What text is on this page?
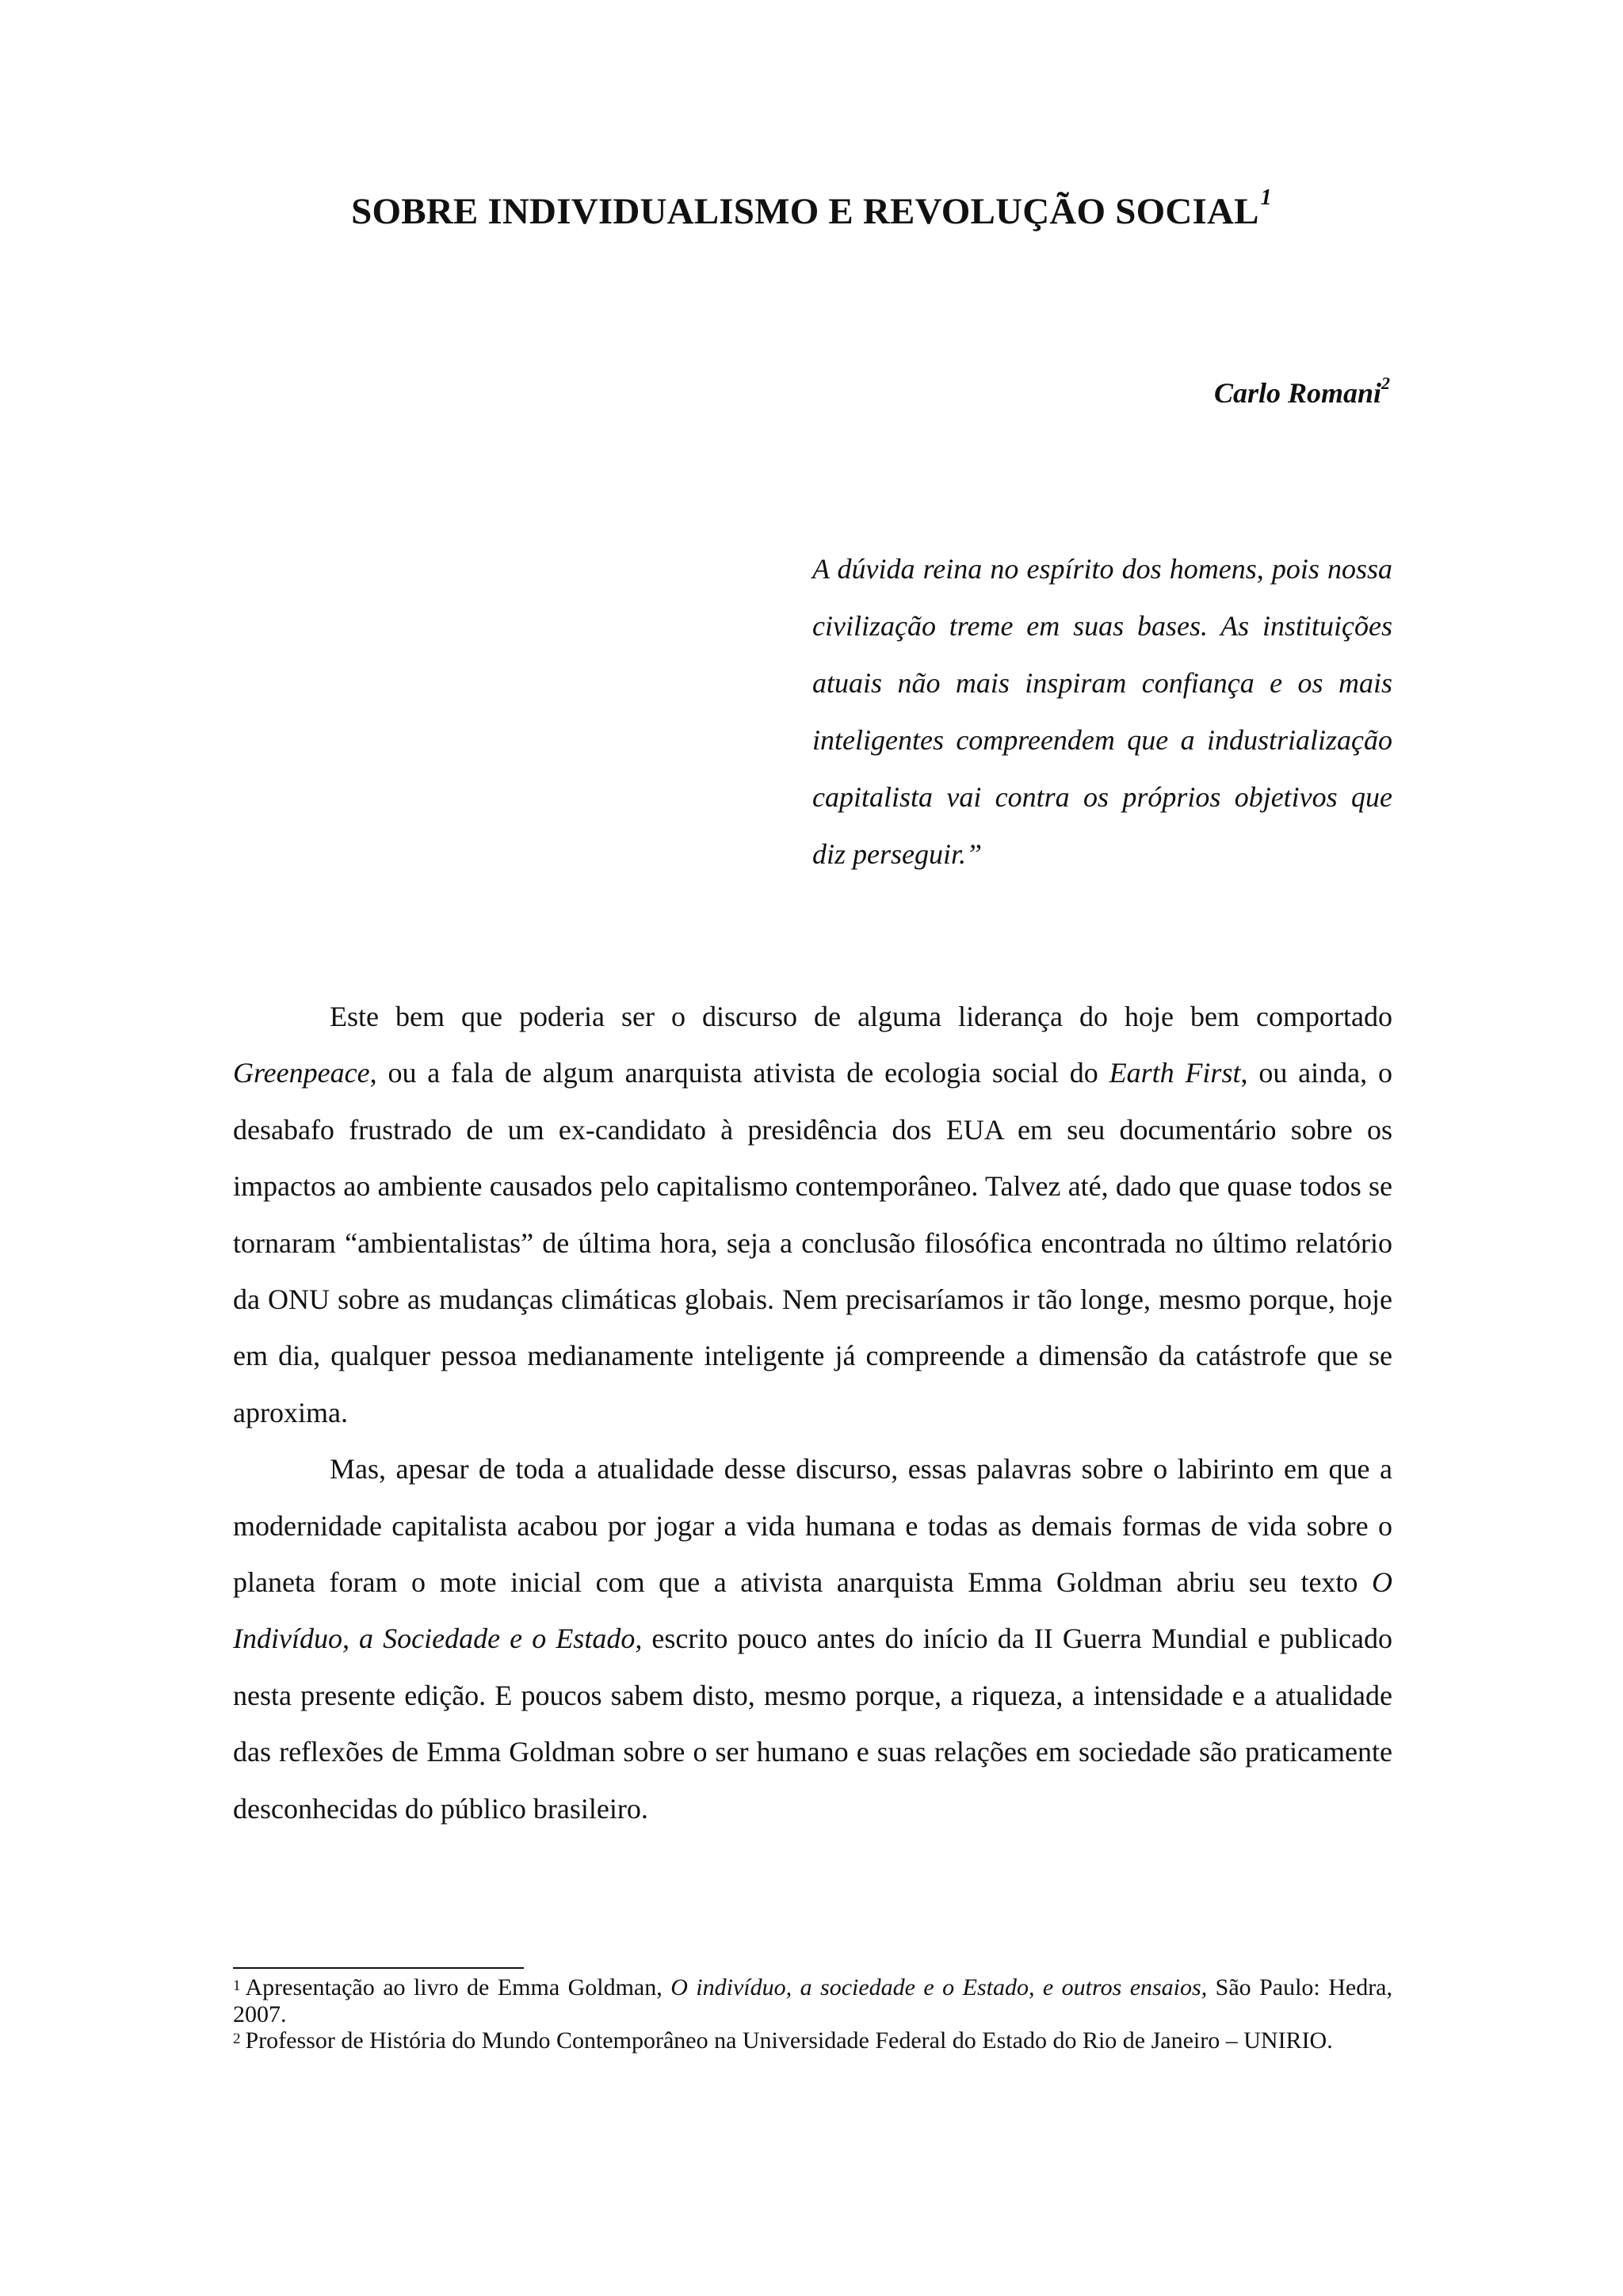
SOBRE INDIVIDUALISMO E REVOLUÇÃO SOCIAL$^1$

Carlo Romani$^2$

A dúvida reina no espírito dos homens, pois nossa civilização treme em suas bases. As instituições atuais não mais inspiram confiança e os mais inteligentes compreendem que a industrialização capitalista vai contra os próprios objetivos que diz perseguir.”

Este bem que poderia ser o discurso de alguma liderança do hoje bem comportado Greenpeace, ou a fala de algum anarquista ativista de ecologia social do Earth First, ou ainda, o desabafo frustrado de um ex-candidato à presidência dos EUA em seu documentário sobre os impactos ao ambiente causados pelo capitalismo contemporâneo. Talvez até, dado que quase todos se tornaram “ambientalistas” de última hora, seja a conclusão filosófica encontrada no último relatório da ONU sobre as mudanças climáticas globais. Nem precisaríamos ir tão longe, mesmo porque, hoje em dia, qualquer pessoa medianamente inteligente já compreende a dimensão da catástrofe que se aproxima.

Mas, apesar de toda a atualidade desse discurso, essas palavras sobre o labirinto em que a modernidade capitalista acabou por jogar a vida humana e todas as demais formas de vida sobre o planeta foram o mote inicial com que a ativista anarquista Emma Goldman abriu seu texto O Indivíduo, a Sociedade e o Estado, escrito pouco antes do início da II Guerra Mundial e publicado nesta presente edição. E poucos sabem disto, mesmo porque, a riqueza, a intensidade e a atualidade das reflexões de Emma Goldman sobre o ser humano e suas relações em sociedade são praticamente desconhecidas do público brasileiro.

$^1$ Apresentação ao livro de Emma Goldman, O indivíduo, a sociedade e o Estado, e outros ensaios, São Paulo: Hedra, 2007.

$^2$ Professor de História do Mundo Contemporâneo na Universidade Federal do Estado do Rio de Janeiro – UNIRIO.
